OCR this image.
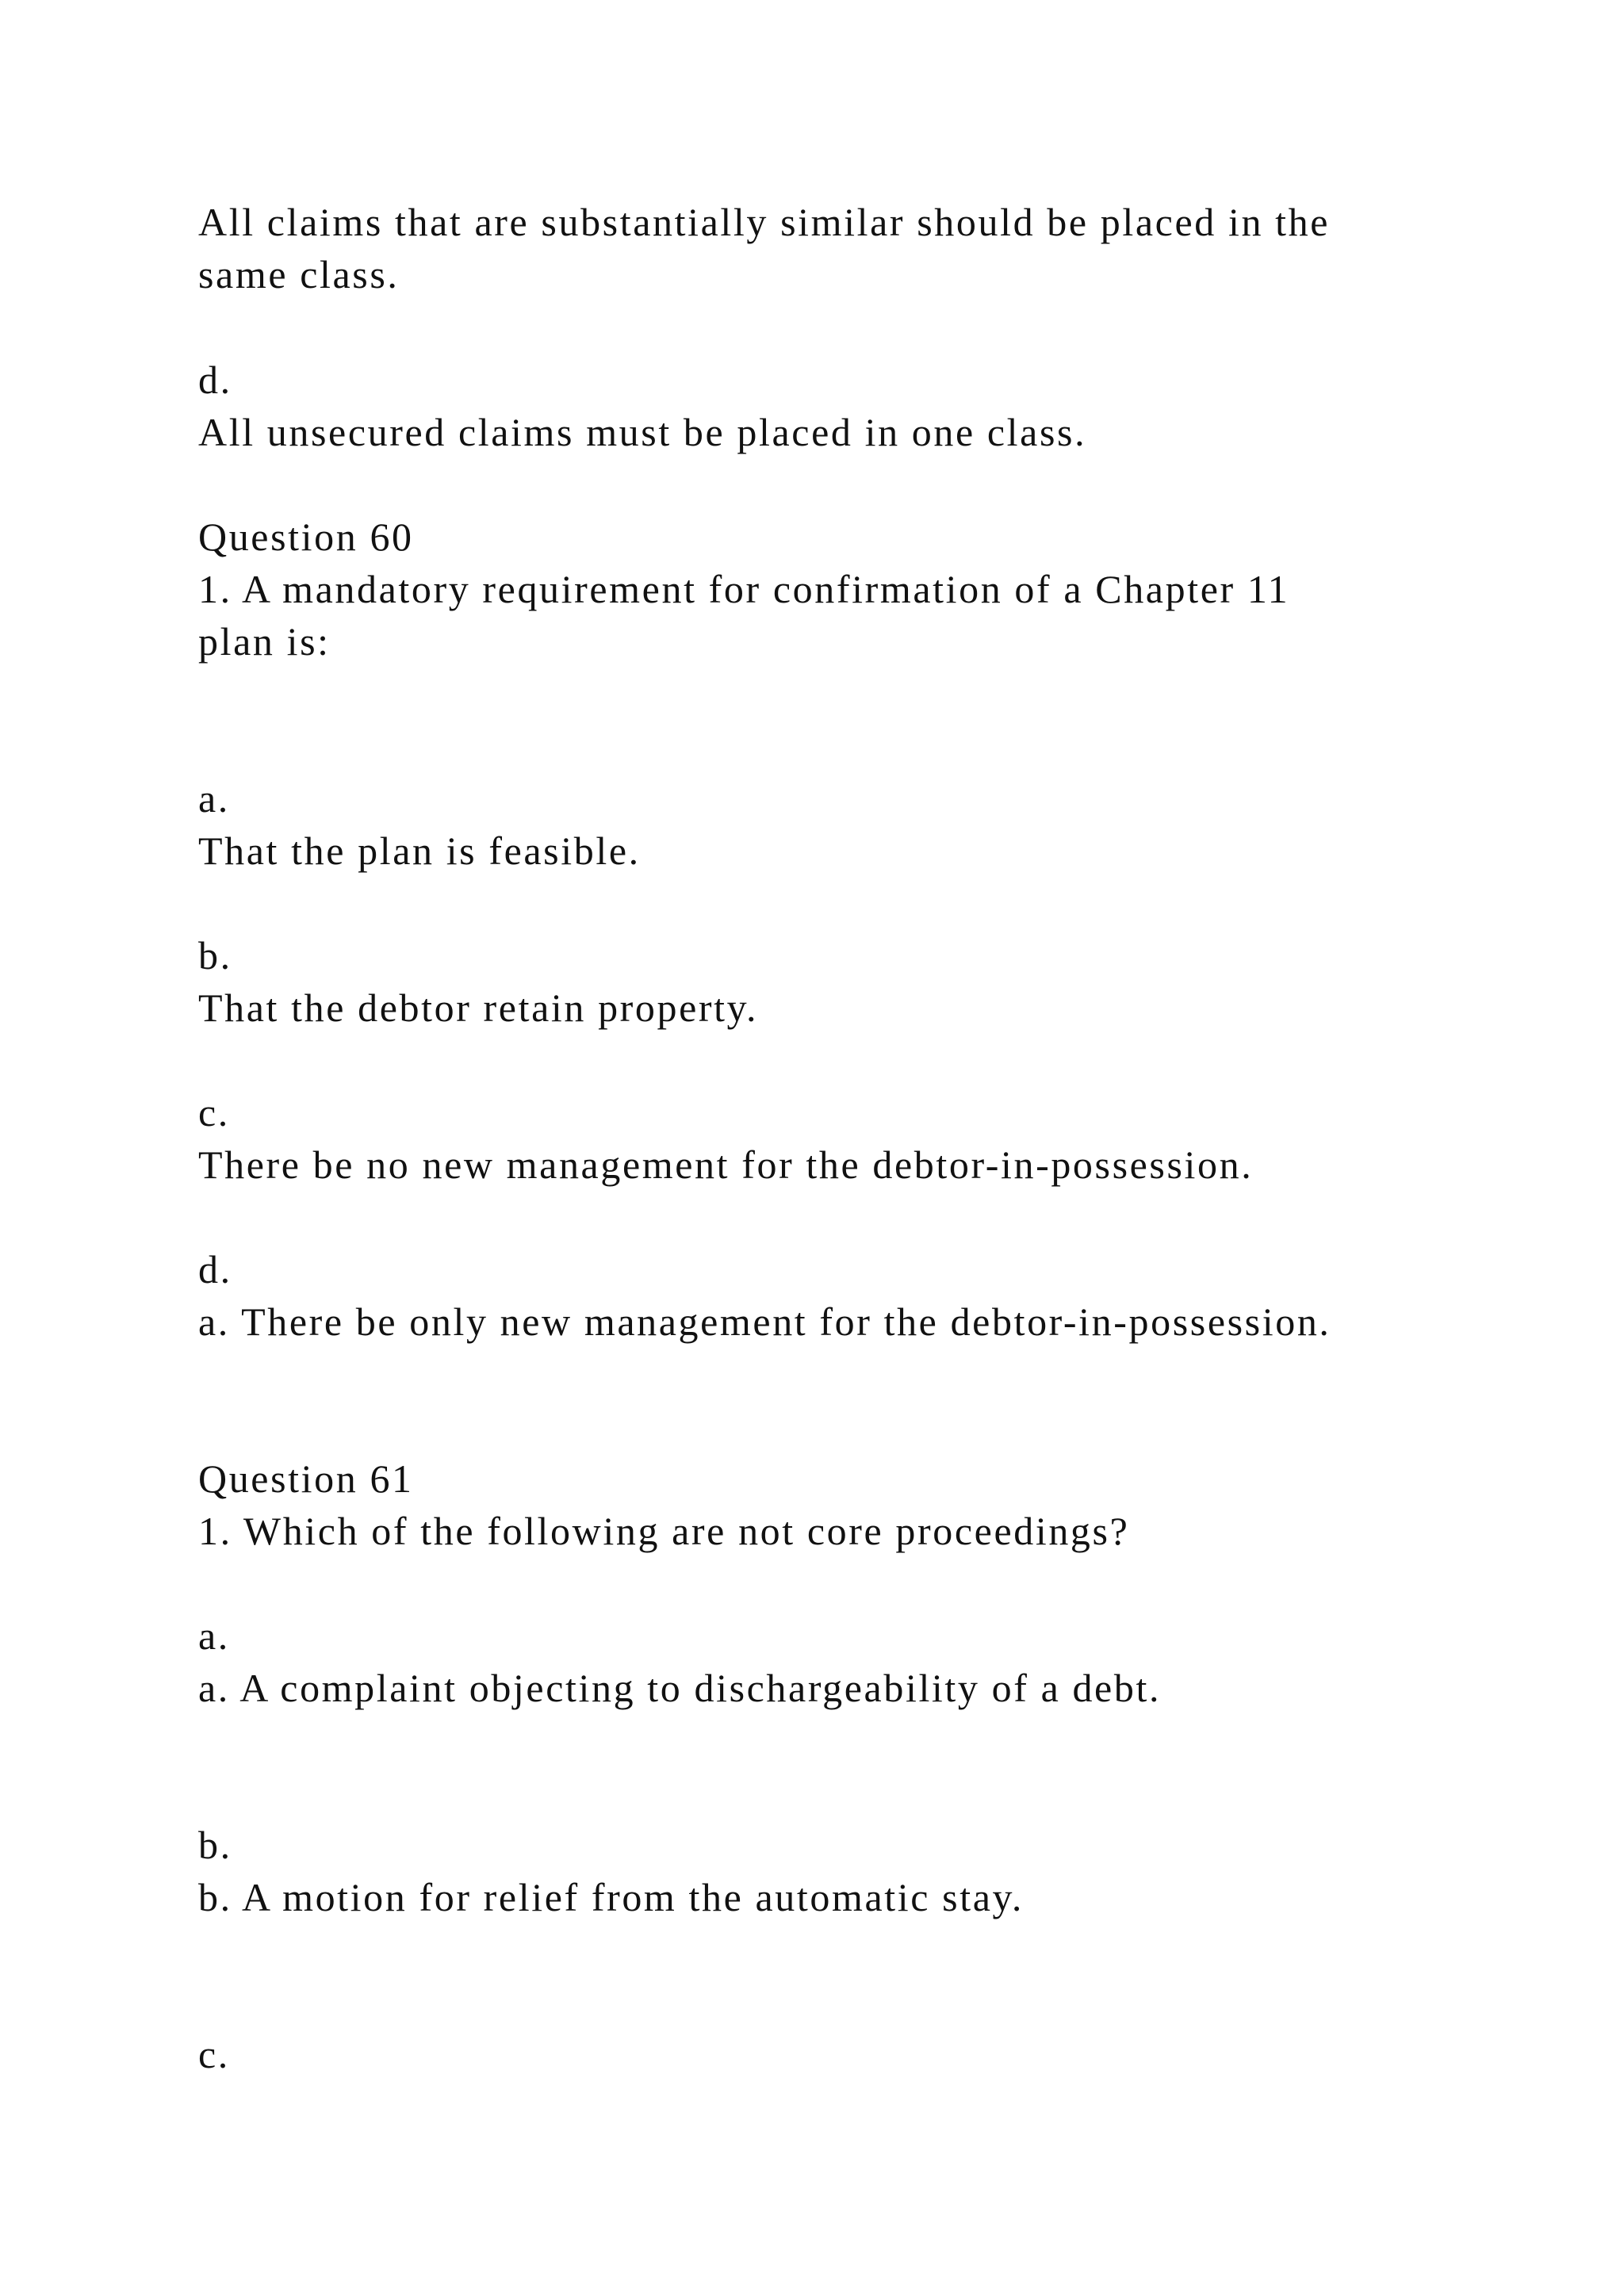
All claims that are substantially similar should be placed in the

same class.

d.

All unsecured claims must be placed in one class.

Question 60

1. A mandatory requirement for confirmation of a Chapter 11

plan is:

a.

That the plan is feasible.

b.

That the debtor retain property.

c.

There be no new management for the debtor-in-possession.

d.

a. There be only new management for the debtor-in-possession.

Question 61

1. Which of the following are not core proceedings?

a.

a. A complaint objecting to dischargeability of a debt.

b.

b. A motion for relief from the automatic stay.

c.
